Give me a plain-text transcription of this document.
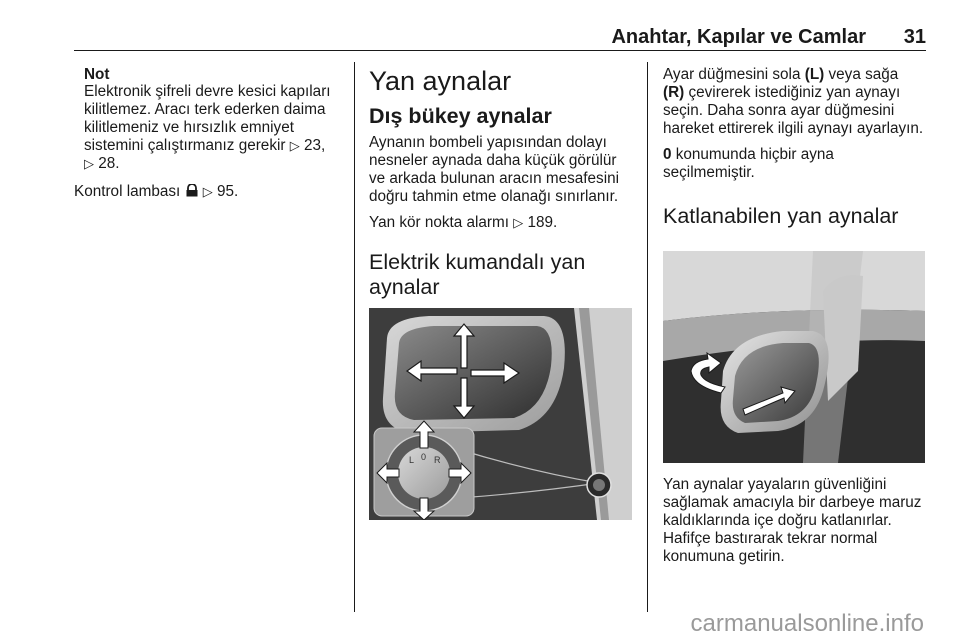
Anahtar, Kapılar ve Camlar 31
Not

Elektronik şifreli devre kesici kapıları kilitlemez. Aracı terk ederken daima kilitlemeniz ve hırsızlık emniyet sistemini çalıştırmanız gerekir ▷ 23,
▷ 28.

Kontrol lambası ▷ 95.

Yan aynalar
Dış bükey aynalar

Aynanın bombeli yapısından dolayı nesneler aynada daha küçük görülür ve arkada bulunan aracın mesafesini doğru tahmin etme olanağı sınırlanır.

Yan kör nokta alarmı ▷ 189.

Elektrik kumandalı yan
aynalar
L 0 R

Ayar düğmesini sola (L) veya sağa
(R) çevirerek istediğiniz yan aynayı seçin. Daha sonra ayar düğmesini hareket ettirerek ilgili aynayı ayarlayın.

0 konumunda hiçbir ayna seçilmemiştir.

Katlanabilen yan aynalar

Yan aynalar yayaların güvenliğini sağlamak amacıyla bir darbeye maruz kaldıklarında içe doğru katlanırlar. Hafifçe bastırarak tekrar normal konumuna getirin.

carmanualsonline.info
